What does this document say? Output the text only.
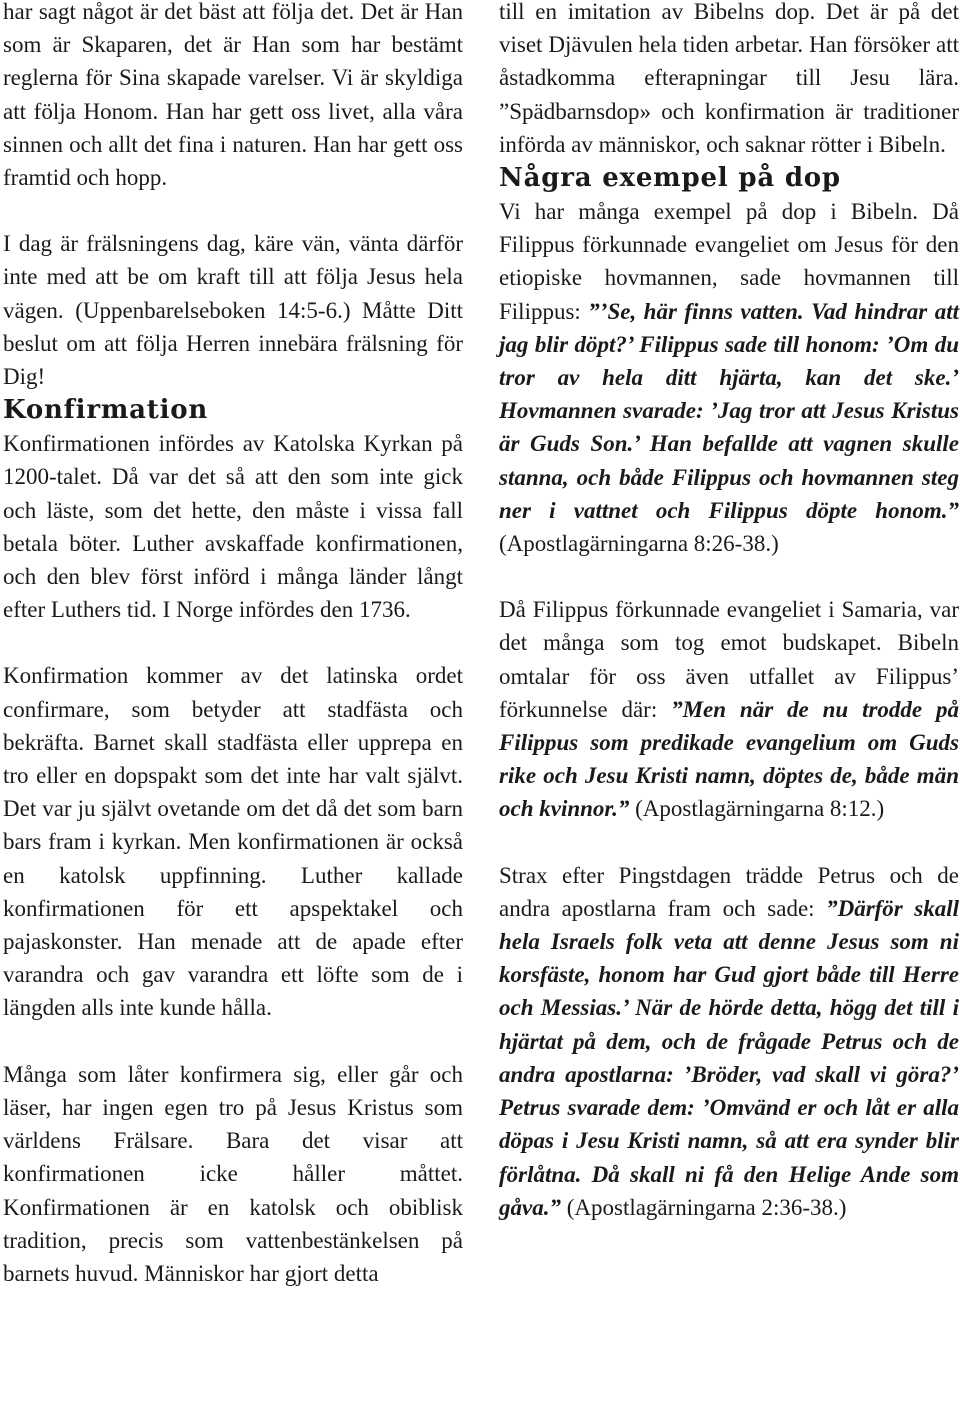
har sagt något är det bäst att följa det. Det är Han som är Skaparen, det är Han som har bestämt reglerna för Sina skapade varelser. Vi är skyldiga att följa Honom. Han har gett oss livet, alla våra sinnen och allt det fina i naturen. Han har gett oss framtid och hopp.

I dag är frälsningens dag, käre vän, vänta därför inte med att be om kraft till att följa Jesus hela vägen. (Uppenbarelseboken 14:5-6.) Måtte Ditt beslut om att följa Herren innebära frälsning för Dig!

Konfirmation

Konfirmationen infördes av Katolska Kyrkan på 1200-talet. Då var det så att den som inte gick och läste, som det hette, den måste i vissa fall betala böter. Luther avskaffade konfirmationen, och den blev först införd i många länder långt efter Luthers tid. I Norge infördes den 1736.

Konfirmation kommer av det latinska ordet confirmare, som betyder att stadfästa och bekräfta. Barnet skall stadfästa eller upprepa en tro eller en dopspakt som det inte har valt självt. Det var ju självt ovetande om det då det som barn bars fram i kyrkan. Men konfirmationen är också en katolsk uppfinning. Luther kallade konfirmationen för ett apspektakel och pajaskonster. Han menade att de apade efter varandra och gav varandra ett löfte som de i längden alls inte kunde hålla.

Många som låter konfirmera sig, eller går och läser, har ingen egen tro på Jesus Kristus som världens Frälsare. Bara det visar att konfirmationen icke håller måttet. Konfirmationen är en katolsk och obiblisk tradition, precis som vattenbestänkelsen på barnets huvud. Människor har gjort detta

till en imitation av Bibelns dop. Det är på det viset Djävulen hela tiden arbetar. Han försöker att åstadkomma efterapningar till Jesu lära. ”Spädbarnsdop» och konfirmation är traditioner införda av människor, och saknar rötter i Bibeln.

Några exempel på dop

Vi har många exempel på dop i Bibeln. Då Filippus förkunnade evangeliet om Jesus för den etiopiske hovmannen, sade hovmannen till Filippus: ”’Se, här finns vatten. Vad hindrar att jag blir döpt?’ Filippus sade till honom: ’Om du tror av hela ditt hjärta, kan det ske.’ Hovmannen svarade: ’Jag tror att Jesus Kristus är Guds Son.’ Han befallde att vagnen skulle stanna, och både Filippus och hovmannen steg ner i vattnet och Filippus döpte honom.” (Apostlagärningarna 8:26-38.)

Då Filippus förkunnade evangeliet i Samaria, var det många som tog emot budskapet. Bibeln omtalar för oss även utfallet av Filippus’ förkunnelse där: ”Men när de nu trodde på Filippus som predikade evangelium om Guds rike och Jesu Kristi namn, döptes de, både män och kvinnor.” (Apostlagärningarna 8:12.)

Strax efter Pingstdagen trädde Petrus och de andra apostlarna fram och sade: ”Därför skall hela Israels folk veta att denne Jesus som ni korsfäste, honom har Gud gjort både till Herre och Messias.’ När de hörde detta, högg det till i hjärtat på dem, och de frågade Petrus och de andra apostlarna: ’Bröder, vad skall vi göra?’ Petrus svarade dem: ’Omvänd er och låt er alla döpas i Jesu Kristi namn, så att era synder blir förlåtna. Då skall ni få den Helige Ande som gåva.” (Apostlagärningarna 2:36-38.)
